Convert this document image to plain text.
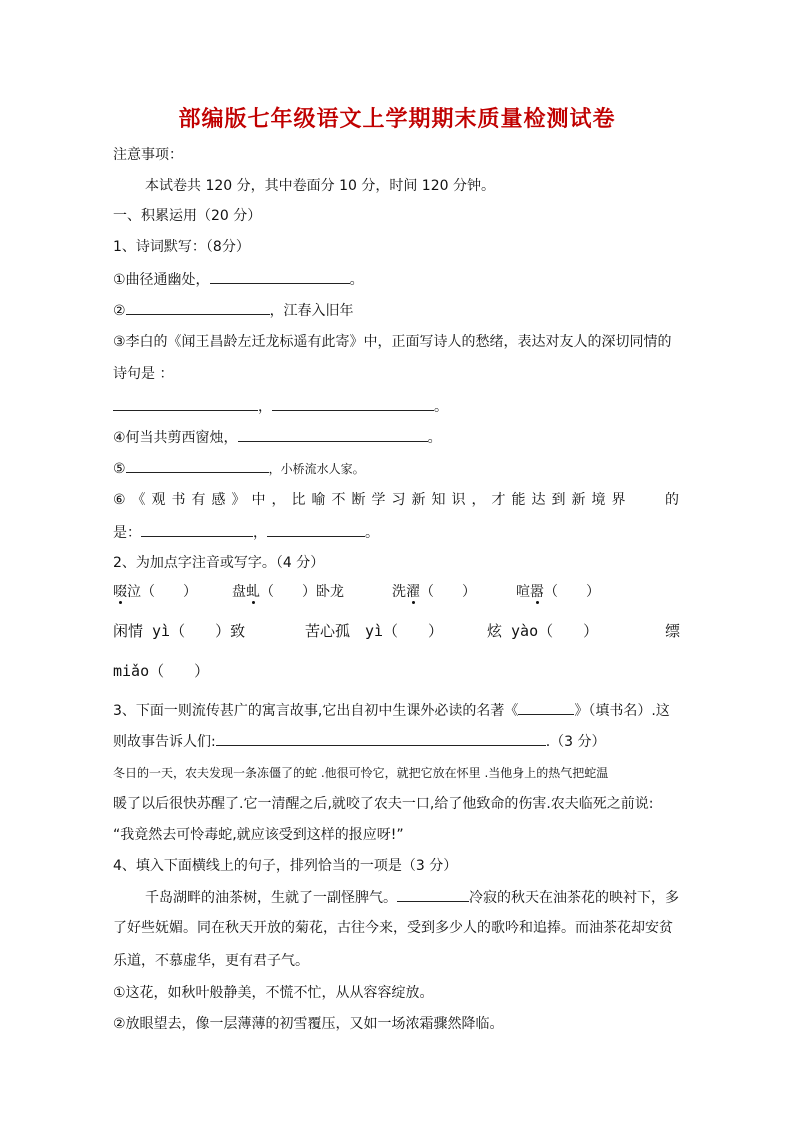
部编版七年级语文上学期期末质量检测试卷
注意事项：
本试卷共 120 分，其中卷面分 10 分，时间 120 分钟。
一、积累运用（20 分）
1、诗词默写：（8分）
①曲径通幽处，	。
②	，江春入旧年
③李白的《闻王昌龄左迁龙标遥有此寄》中，正面写诗人的愁绪，表达对友人的深切同情的
诗句是 ：
，	。
④何当共剪西窗烛，	。
⑤	，小桥流水人家。
⑥《观书有感》中，比喻不断学习新知识，才能达到新境界 的
是：	，	。
2、为加点字注音或写字。（4 分）
啜泣（　　）	盘虬（　　）卧龙	洗濯（　　）	喧嚣（　　）
闲情 yì（　　）致	苦心孤　yì（　　）	炫 yào（　　）	缥
miǎo（　　）
3、下面一则流传甚广的寓言故事,它出自初中生课外必读的名著《	》（填书名）.这
则故事告诉人们:	.（3 分）
冬日的一天，农夫发现一条冻僵了的蛇 .他很可怜它，就把它放在怀里 .当他身上的热气把蛇温
暖了以后很快苏醒了.它一清醒之后,就咬了农夫一口,给了他致命的伤害.农夫临死之前说:
“我竟然去可怜毒蛇,就应该受到这样的报应呀!”
4、填入下面横线上的句子，排列恰当的一项是（3 分）
千岛湖畔的油茶树，生就了一副怪脾气。	冷寂的秋天在油茶花的映衬下，多
了好些妩媚。同在秋天开放的菊花，古往今来，受到多少人的歌吟和追捧。而油茶花却安贫
乐道，不慕虚华，更有君子气。
①这花，如秋叶般静美，不慌不忙，从从容容绽放。
②放眼望去，像一层薄薄的初雪覆压，又如一场浓霜骤然降临。
